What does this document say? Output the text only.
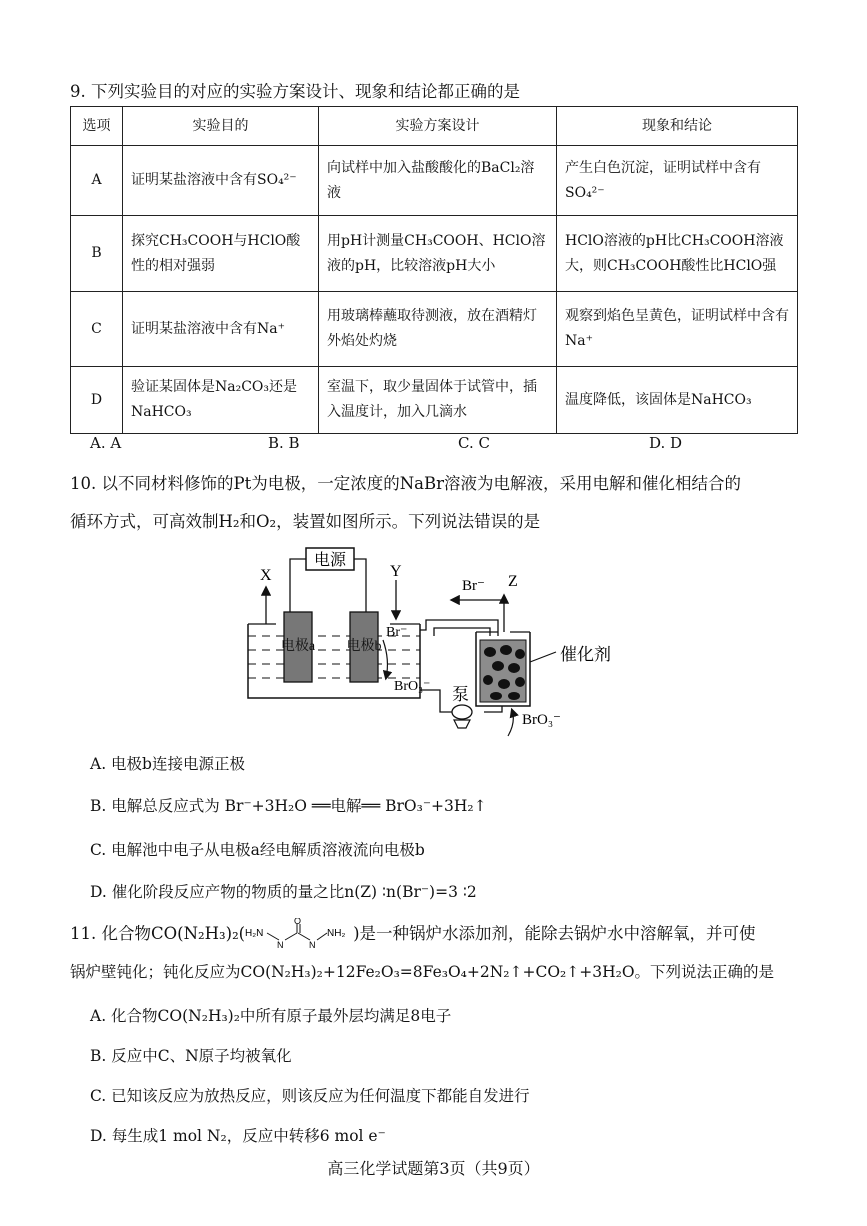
9. 下列实验目的对应的实验方案设计、现象和结论都正确的是
选项	实验目的	实验方案设计	现象和结论
A	证明某盐溶液中含有SO₄²⁻	向试样中加入盐酸酸化的BaCl₂溶液	产生白色沉淀，证明试样中含有SO₄²⁻
B	探究CH₃COOH与HClO酸性的相对强弱	用pH计测量CH₃COOH、HClO溶液的pH，比较溶液pH大小	HClO溶液的pH比CH₃COOH溶液大，则CH₃COOH酸性比HClO强
C	证明某盐溶液中含有Na⁺	用玻璃棒蘸取待测液，放在酒精灯外焰处灼烧	观察到焰色呈黄色，证明试样中含有Na⁺
D	验证某固体是Na₂CO₃还是NaHCO₃	室温下，取少量固体于试管中，插入温度计，加入几滴水	温度降低，该固体是NaHCO₃
A. A	B. B	C. C	D. D
10. 以不同材料修饰的Pt为电极，一定浓度的NaBr溶液为电解液，采用电解和催化相结合的
循环方式，可高效制H₂和O₂，装置如图所示。下列说法错误的是
电源
电极a 电极b
X	Y
Br⁻
BrO₃⁻
Br⁻ Z
催化剂
泵
BrO₃⁻
A. 电极b连接电源正极
B. 电解总反应式为 Br⁻+3H₂O ══电解══ BrO₃⁻+3H₂↑
C. 电解池中电子从电极a经电解质溶液流向电极b
D. 催化阶段反应产物的物质的量之比n(Z) ∶n(Br⁻)=3 ∶2
11. 化合物CO(N₂H₃)₂( H₂N
N
O
N
NH₂ )是一种锅炉水添加剂，能除去锅炉水中溶解氧，并可使
锅炉壁钝化；钝化反应为CO(N₂H₃)₂+12Fe₂O₃=8Fe₃O₄+2N₂↑+CO₂↑+3H₂O。下列说法正确的是
A. 化合物CO(N₂H₃)₂中所有原子最外层均满足8电子
B. 反应中C、N原子均被氧化
C. 已知该反应为放热反应，则该反应为任何温度下都能自发进行
D. 每生成1 mol N₂，反应中转移6 mol e⁻
高三化学试题第3页（共9页）
